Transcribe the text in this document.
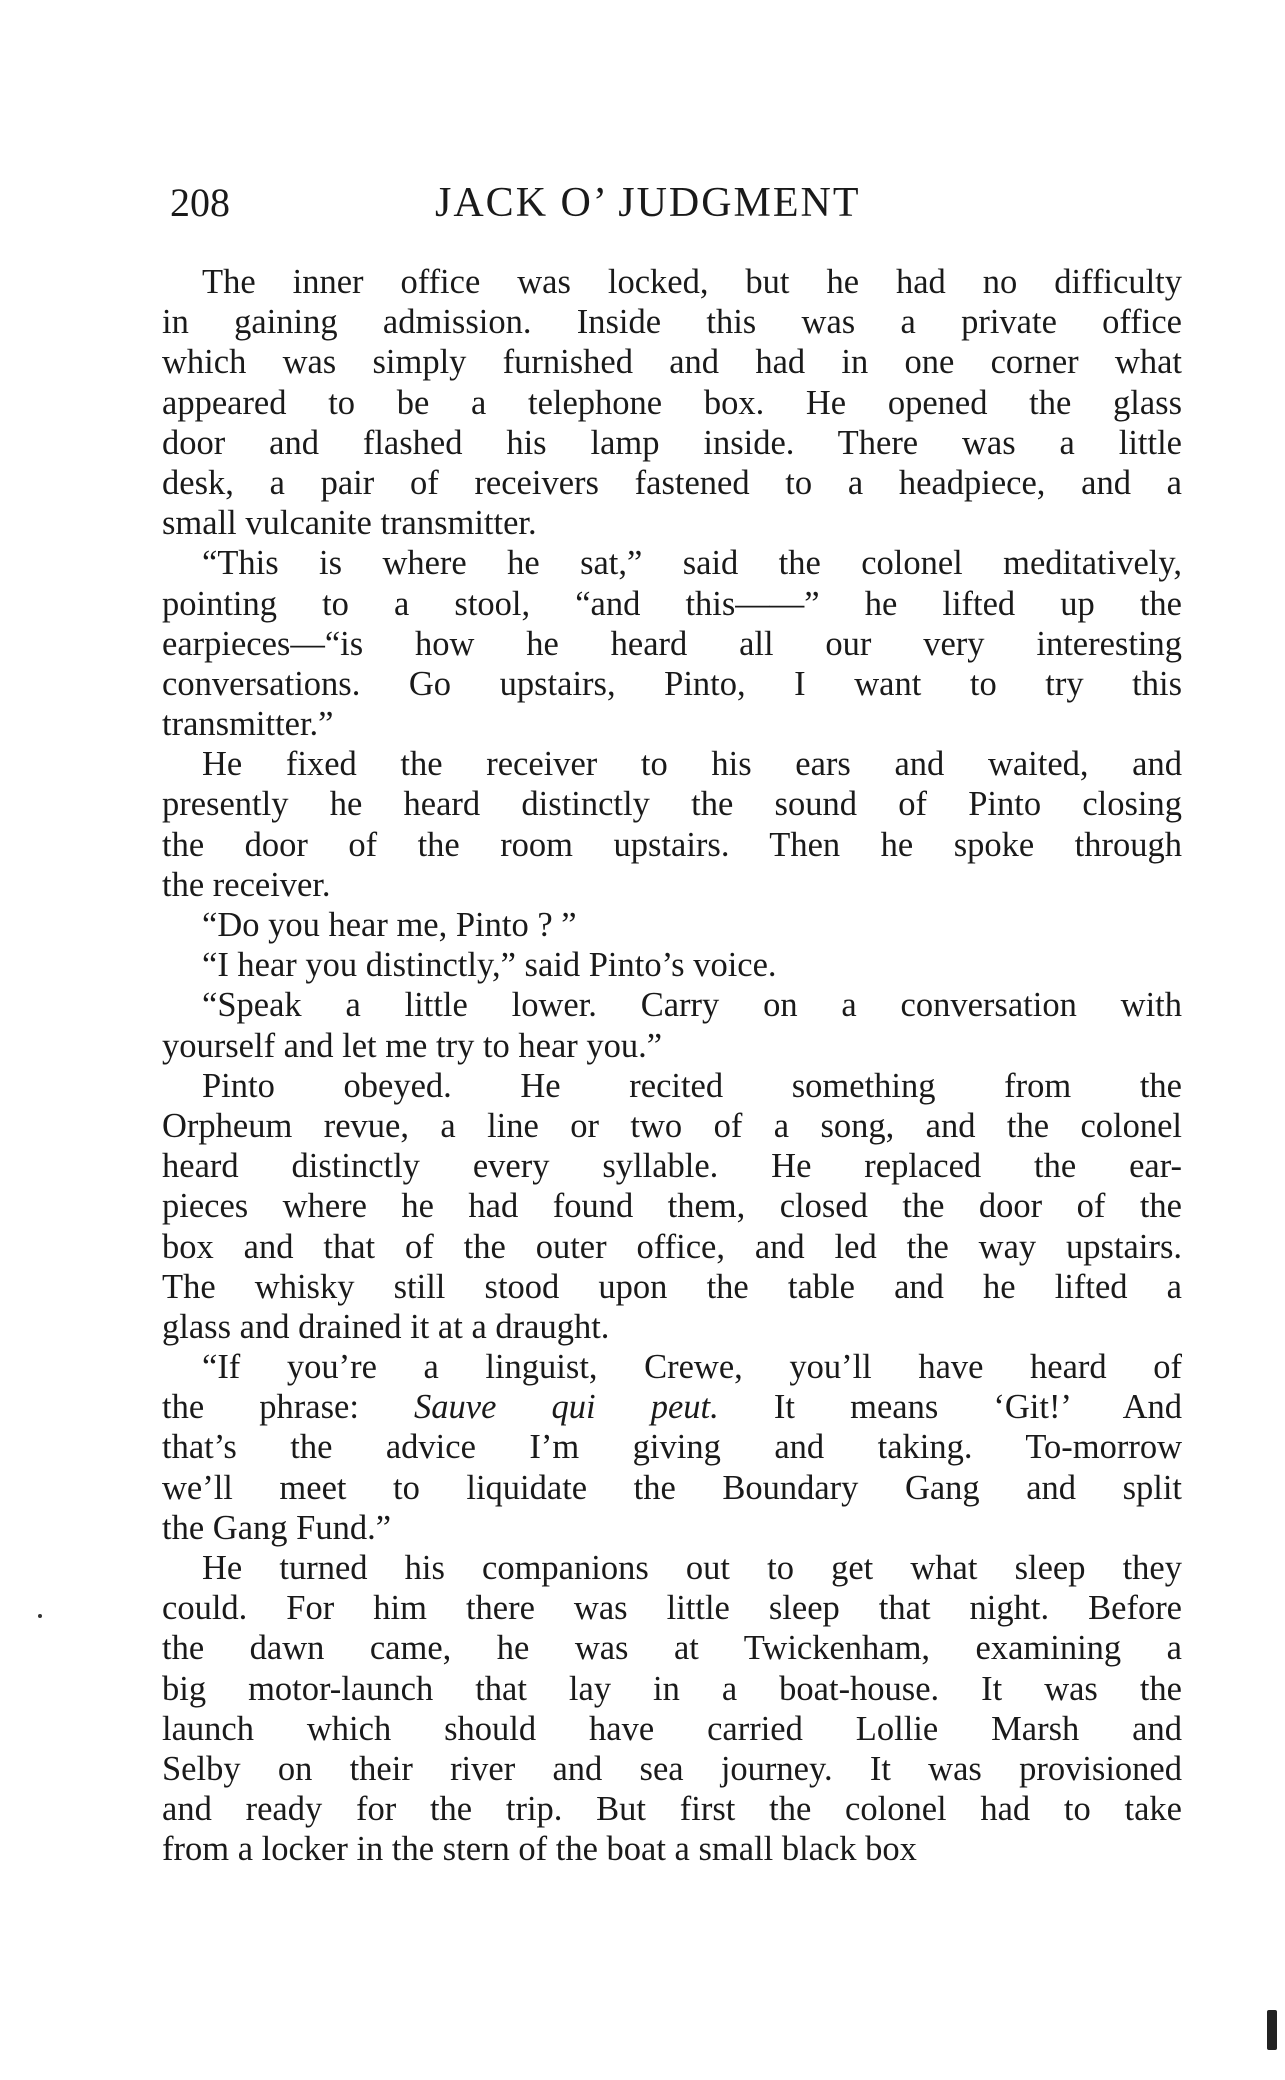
208	JACK O’ JUDGMENT
The inner office was locked, but he had no difficulty
in gaining admission. Inside this was a private office
which was simply furnished and had in one corner what
appeared to be a telephone box. He opened the glass
door and flashed his lamp inside. There was a little
desk, a pair of receivers fastened to a headpiece, and a
small vulcanite transmitter.
“This is where he sat,” said the colonel meditatively,
pointing to a stool, “and this——” he lifted up the
earpieces—“is how he heard all our very interesting
conversations. Go upstairs, Pinto, I want to try this
transmitter.”
He fixed the receiver to his ears and waited, and
presently he heard distinctly the sound of Pinto closing
the door of the room upstairs. Then he spoke through
the receiver.
“Do you hear me, Pinto ? ”
“I hear you distinctly,” said Pinto’s voice.
“Speak a little lower. Carry on a conversation with
yourself and let me try to hear you.”
Pinto obeyed. He recited something from the
Orpheum revue, a line or two of a song, and the colonel
heard distinctly every syllable. He replaced the ear-
pieces where he had found them, closed the door of the
box and that of the outer office, and led the way upstairs.
The whisky still stood upon the table and he lifted a
glass and drained it at a draught.
“If you’re a linguist, Crewe, you’ll have heard of
the phrase: Sauve qui peut. It means ‘Git!’ And
that’s the advice I’m giving and taking. To-morrow
we’ll meet to liquidate the Boundary Gang and split
the Gang Fund.”
He turned his companions out to get what sleep they
could. For him there was little sleep that night. Before
the dawn came, he was at Twickenham, examining a
big motor-launch that lay in a boat-house. It was the
launch which should have carried Lollie Marsh and
Selby on their river and sea journey. It was provisioned
and ready for the trip. But first the colonel had to take
from a locker in the stern of the boat a small black box
